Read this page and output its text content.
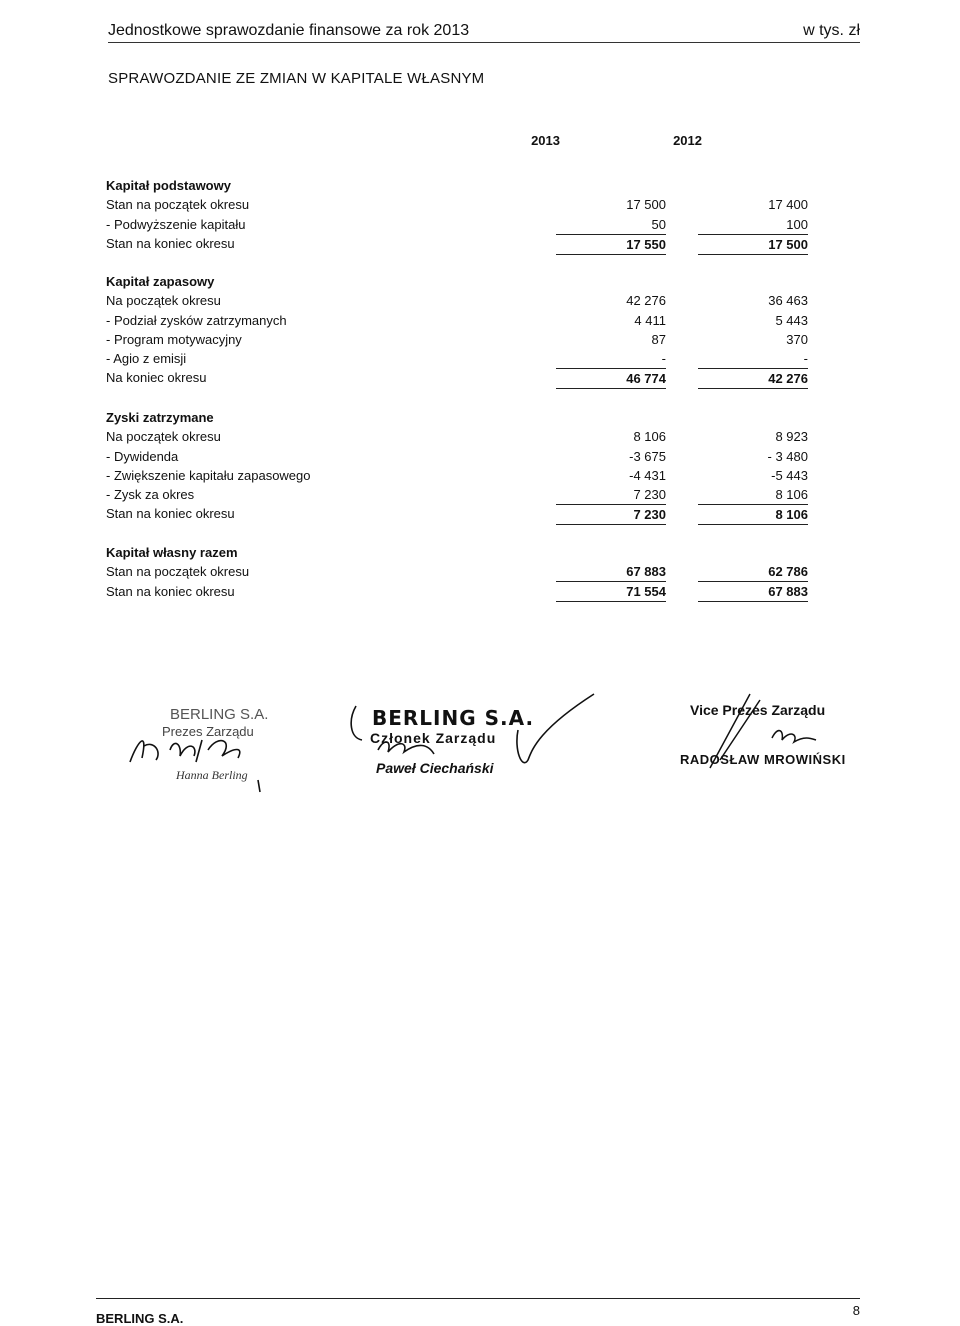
Jednostkowe sprawozdanie finansowe za rok 2013	w tys. zł
SPRAWOZDANIE ZE ZMIAN W KAPITALE WŁASNYM
2013	2012
Kapitał podstawowy
Stan na początek okresu	17 500	17 400
- Podwyższenie kapitału	50	100
Stan na koniec okresu	17 550	17 500
Kapitał zapasowy
Na początek okresu	42 276	36 463
- Podział zysków zatrzymanych	4 411	5 443
- Program motywacyjny	87	370
- Agio z emisji	-	-
Na koniec okresu	46 774	42 276
Zyski zatrzymane
Na początek okresu	8 106	8 923
- Dywidenda	-3 675	- 3 480
- Zwiększenie kapitału zapasowego	-4 431	-5 443
- Zysk za okres	7 230	8 106
Stan na koniec okresu	7 230	8 106
Kapitał własny razem
Stan na początek okresu	67 883	62 786
Stan na koniec okresu	71 554	67 883
BERLING S.A.
Prezes Zarządu
Hanna Berling
BERLING S.A.
Członek Zarządu
Paweł Ciechański
Vice Prezes Zarządu
RADOSŁAW MROWIŃSKI
BERLING S.A.
8
